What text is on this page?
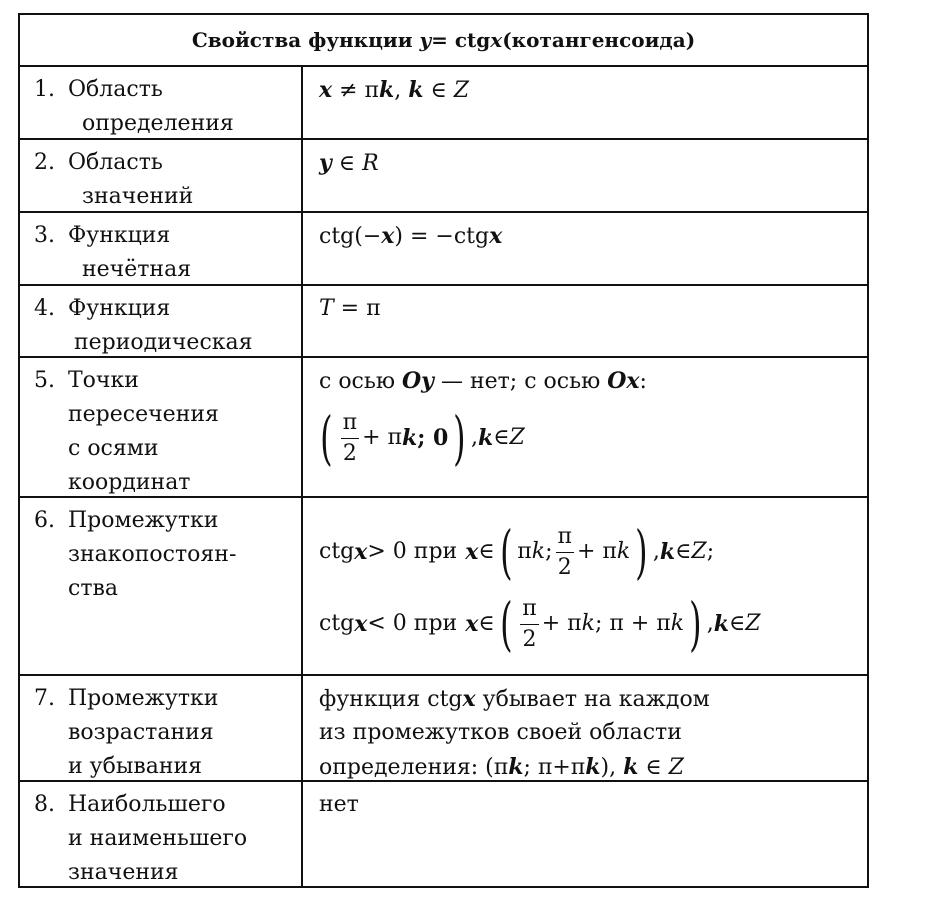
Свойства функции
y = ctg x (котангенсоида)
1. Область
определения
x ≠ πk, k ∈ Z
2. Область
значений
y ∈ R
3. Функция
нечётная
ctg(−x) = −ctgx
4. Функция
периодическая
T = π
5. Точки
пересечения
с осями
координат
с осью Oy — нет; с осью Ox:
( $\frac{\pi}{2} + \pi$ k ; 0 ) , k ∈ Z
6. Промежутки
знакопостоян-
ства
ctg x > 0 при x ∈ ( π k ; $\frac{\pi}{2} + \pi$ k ) , k ∈ Z ;
ctg x < 0 при x ∈ ( $\frac{\pi}{2} + \pi$ k ; π + π k ) , k ∈ Z
7. Промежутки
возрастания
и убывания
функция ctgx убывает на каждом
из промежутков своей области
определения: (πk; π+πk), k ∈ Z
8. Наибольшего
и наименьшего
значения
нет
